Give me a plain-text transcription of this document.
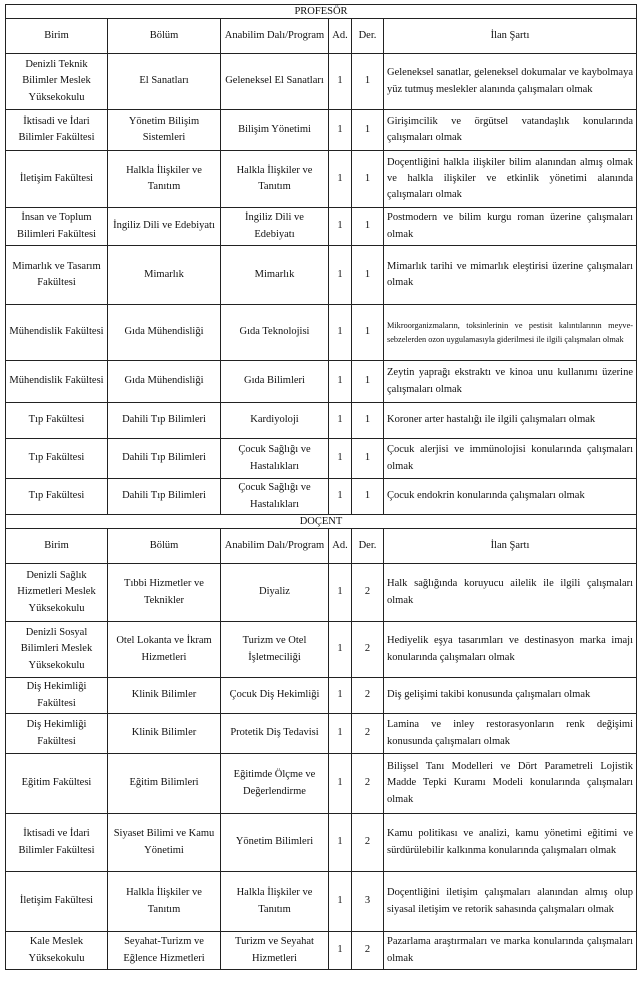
PROFESÖR					
Birim	Bölüm	Anabilim Dalı/Program	Ad.	Der.	İlan Şartı
Denizli Teknik Bilimler Meslek Yüksekokulu	El Sanatları	Geleneksel El Sanatları	1	1	Geleneksel sanatlar, geleneksel dokumalar ve kaybolmaya yüz tutmuş meslekler alanında çalışmaları olmak
İktisadi ve İdari Bilimler Fakültesi	Yönetim Bilişim Sistemleri	Bilişim Yönetimi	1	1	Girişimcilik ve örgütsel vatandaşlık konularında çalışmaları olmak
İletişim Fakültesi	Halkla İlişkiler ve Tanıtım	Halkla İlişkiler ve Tanıtım	1	1	Doçentliğini halkla ilişkiler bilim alanından almış olmak ve halkla ilişkiler ve etkinlik yönetimi alanında çalışmaları olmak
İnsan ve Toplum Bilimleri Fakültesi	İngiliz Dili ve Edebiyatı	İngiliz Dili ve Edebiyatı	1	1	Postmodern ve bilim kurgu roman üzerine çalışmaları olmak
Mimarlık ve Tasarım Fakültesi	Mimarlık	Mimarlık	1	1	Mimarlık tarihi ve mimarlık eleştirisi üzerine çalışmaları olmak
Mühendislik Fakültesi	Gıda Mühendisliği	Gıda Teknolojisi	1	1	Mikroorganizmaların, toksinlerinin ve pestisit kalıntılarının meyve-sebzelerden ozon uygulamasıyla giderilmesi ile ilgili çalışmaları olmak
Mühendislik Fakültesi	Gıda Mühendisliği	Gıda Bilimleri	1	1	Zeytin yaprağı ekstraktı ve kinoa unu kullanımı üzerine çalışmaları olmak
Tıp Fakültesi	Dahili Tıp Bilimleri	Kardiyoloji	1	1	Koroner arter hastalığı ile ilgili çalışmaları olmak
Tıp Fakültesi	Dahili Tıp Bilimleri	Çocuk Sağlığı ve Hastalıkları	1	1	Çocuk alerjisi ve immünolojisi konularında çalışmaları olmak
Tıp Fakültesi	Dahili Tıp Bilimleri	Çocuk Sağlığı ve Hastalıkları	1	1	Çocuk endokrin konularında çalışmaları olmak
DOÇENT					
Birim	Bölüm	Anabilim Dalı/Program	Ad.	Der.	İlan Şartı
Denizli Sağlık Hizmetleri Meslek Yüksekokulu	Tıbbi Hizmetler ve Teknikler	Diyaliz	1	2	Halk sağlığında koruyucu ailelik ile ilgili çalışmaları olmak
Denizli Sosyal Bilimleri Meslek Yüksekokulu	Otel Lokanta ve İkram Hizmetleri	Turizm ve Otel İşletmeciliği	1	2	Hediyelik eşya tasarımları ve destinasyon marka imajı konularında çalışmaları olmak
Diş Hekimliği Fakültesi	Klinik Bilimler	Çocuk Diş Hekimliği	1	2	Diş gelişimi takibi konusunda çalışmaları olmak
Diş Hekimliği Fakültesi	Klinik Bilimler	Protetik Diş Tedavisi	1	2	Lamina ve inley restorasyonların renk değişimi konusunda çalışmaları olmak
Eğitim Fakültesi	Eğitim Bilimleri	Eğitimde Ölçme ve Değerlendirme	1	2	Bilişsel Tanı Modelleri ve Dört Parametreli Lojistik Madde Tepki Kuramı Modeli konularında çalışmaları olmak
İktisadi ve İdari Bilimler Fakültesi	Siyaset Bilimi ve Kamu Yönetimi	Yönetim Bilimleri	1	2	Kamu politikası ve analizi, kamu yönetimi eğitimi ve sürdürülebilir kalkınma konularında çalışmaları olmak
İletişim Fakültesi	Halkla İlişkiler ve Tanıtım	Halkla İlişkiler ve Tanıtım	1	3	Doçentliğini iletişim çalışmaları alanından almış olup siyasal iletişim ve retorik sahasında çalışmaları olmak
Kale Meslek Yüksekokulu	Seyahat-Turizm ve Eğlence Hizmetleri	Turizm ve Seyahat Hizmetleri	1	2	Pazarlama araştırmaları ve marka konularında çalışmaları olmak
